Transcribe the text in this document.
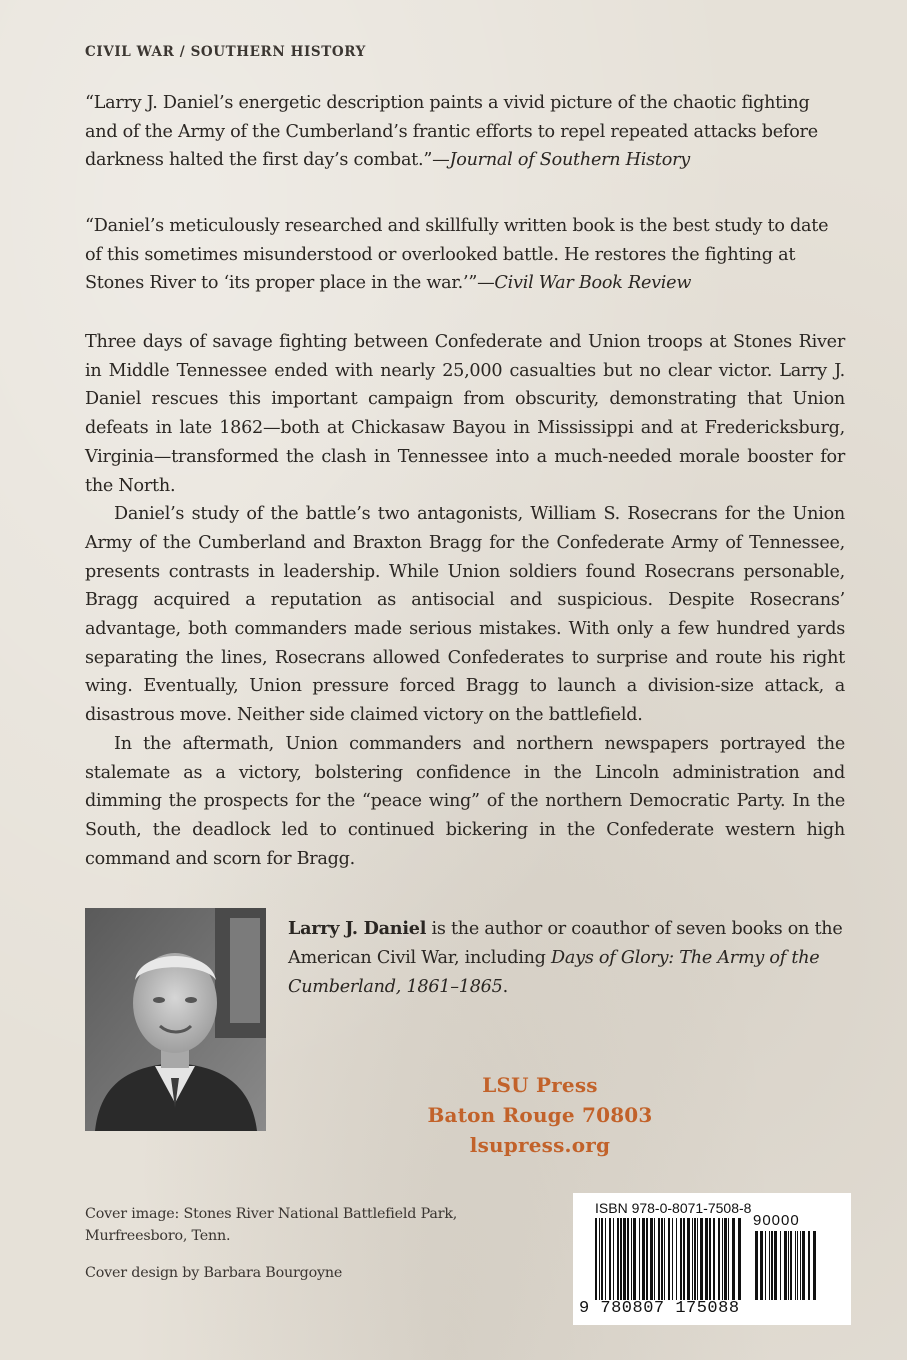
CIVIL WAR / SOUTHERN HISTORY
“Larry J. Daniel’s energetic description paints a vivid picture of the chaotic fighting and of the Army of the Cumberland’s frantic efforts to repel repeated attacks before darkness halted the first day’s combat.”—Journal of Southern History
“Daniel’s meticulously researched and skillfully written book is the best study to date of this sometimes misunderstood or overlooked battle. He restores the fighting at Stones River to ‘its proper place in the war.’”—Civil War Book Review

Three days of savage fighting between Confederate and Union troops at Stones River in Middle Tennessee ended with nearly 25,000 casualties but no clear victor. Larry J. Daniel rescues this important campaign from obscurity, demonstrating that Union defeats in late 1862—both at Chickasaw Bayou in Mississippi and at Fredericksburg, Virginia—transformed the clash in Tennessee into a much-needed morale booster for the North.

Daniel’s study of the battle’s two antagonists, William S. Rosecrans for the Union Army of the Cumberland and Braxton Bragg for the Confederate Army of Tennessee, presents contrasts in leadership. While Union soldiers found Rosecrans personable, Bragg acquired a reputation as antisocial and suspicious. Despite Rosecrans’ advantage, both commanders made serious mistakes. With only a few hundred yards separating the lines, Rosecrans allowed Confederates to surprise and route his right wing. Eventually, Union pressure forced Bragg to launch a division-size attack, a disastrous move. Neither side claimed victory on the battlefield.

In the aftermath, Union commanders and northern newspapers portrayed the stalemate as a victory, bolstering confidence in the Lincoln administration and dimming the prospects for the “peace wing” of the northern Democratic Party. In the South, the deadlock led to continued bickering in the Confederate western high command and scorn for Bragg.

Larry J. Daniel is the author or coauthor of seven books on the American Civil War, including Days of Glory: The Army of the Cumberland, 1861–1865.
LSU Press
Baton Rouge 70803
lsupress.org
Cover image: Stones River National Battlefield Park,
Murfreesboro, Tenn.
Cover design by Barbara Bourgoyne
ISBN 978-0-8071-7508-8
90000
9 780807 175088
